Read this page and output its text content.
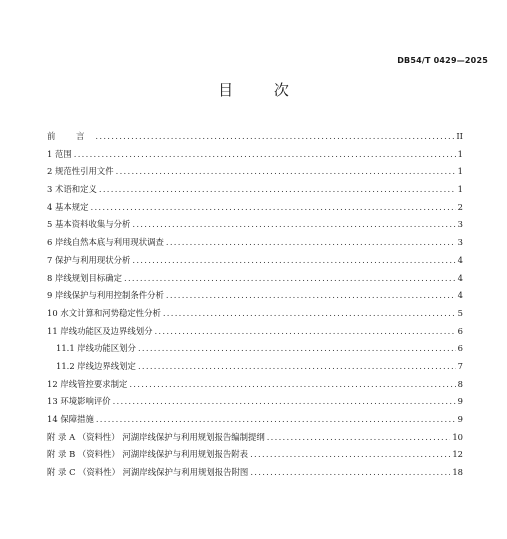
DB54/T 0429—2025
目 次
前 言 .....	II
1 范围 .....	1
2 规范性引用文件 .....	1
3 术语和定义 .....	1
4 基本规定 .....	2
5 基本资料收集与分析 .....	3
6 岸线自然本底与利用现状调查 .....	3
7 保护与利用现状分析 .....	4
8 岸线规划目标确定 .....	4
9 岸线保护与利用控制条件分析 .....	4
10 水文计算和河势稳定性分析 .....	5
11 岸线功能区及边界线划分 .....	6
11.1 岸线功能区划分 .....	6
11.2 岸线边界线划定 .....	7
12 岸线管控要求制定 .....	8
13 环境影响评价 .....	9
14 保障措施 .....	9
附 录 A （资料性） 河湖岸线保护与利用规划报告编制提纲 .....	10
附 录 B （资料性） 河湖岸线保护与利用规划报告附表 .....	12
附 录 C （资料性） 河湖岸线保护与利用规划报告附图 .....	18
